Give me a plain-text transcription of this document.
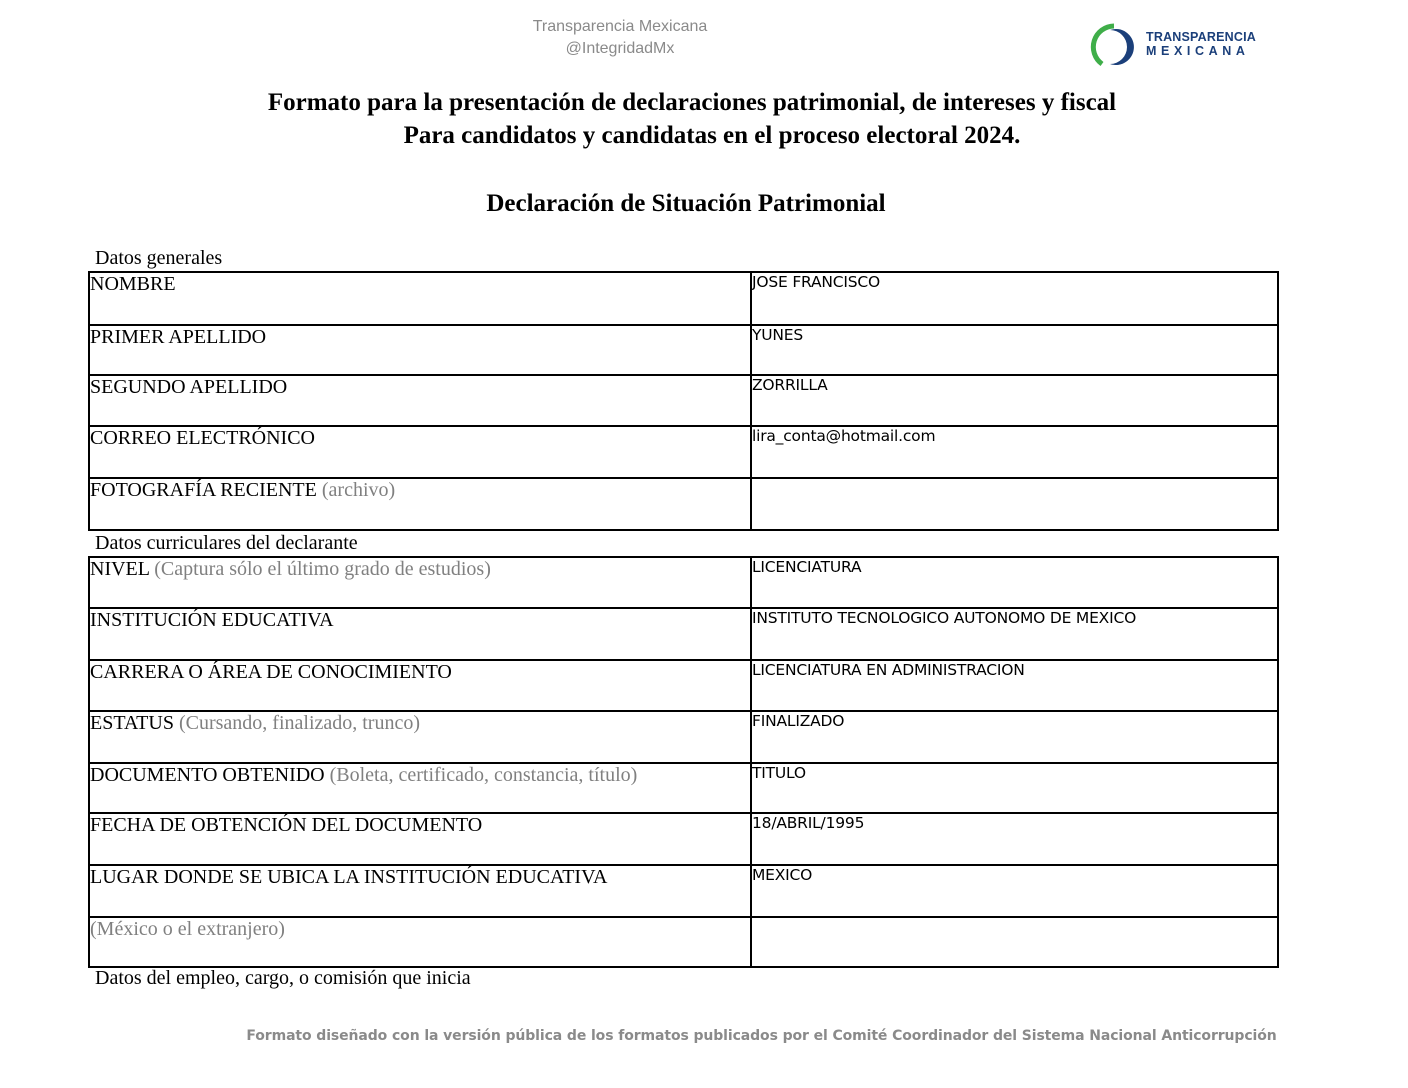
Transparencia Mexicana
@IntegridadMx
TRANSPARENCIA
MEXICANA
Formato para la presentación de declaraciones patrimonial, de intereses y fiscal
Para candidatos y candidatas en el proceso electoral 2024.
Declaración de Situación Patrimonial
Datos generales
NOMBRE	JOSE FRANCISCO
PRIMER APELLIDO	YUNES
SEGUNDO APELLIDO	ZORRILLA
CORREO ELECTRÓNICO	lira_conta@hotmail.com
FOTOGRAFÍA RECIENTE (archivo)	
Datos curriculares del declarante
NIVEL (Captura sólo el último grado de estudios)	LICENCIATURA
INSTITUCIÓN EDUCATIVA	INSTITUTO TECNOLOGICO AUTONOMO DE MEXICO
CARRERA O ÁREA DE CONOCIMIENTO	LICENCIATURA EN ADMINISTRACION
ESTATUS (Cursando, finalizado, trunco)	FINALIZADO
DOCUMENTO OBTENIDO (Boleta, certificado, constancia, título)	TITULO
FECHA DE OBTENCIÓN DEL DOCUMENTO	18/ABRIL/1995
LUGAR DONDE SE UBICA LA INSTITUCIÓN EDUCATIVA	MEXICO
(México o el extranjero)	
Datos del empleo, cargo, o comisión que inicia
Formato diseñado con la versión pública de los formatos publicados por el Comité Coordinador del Sistema Nacional Anticorrupción
